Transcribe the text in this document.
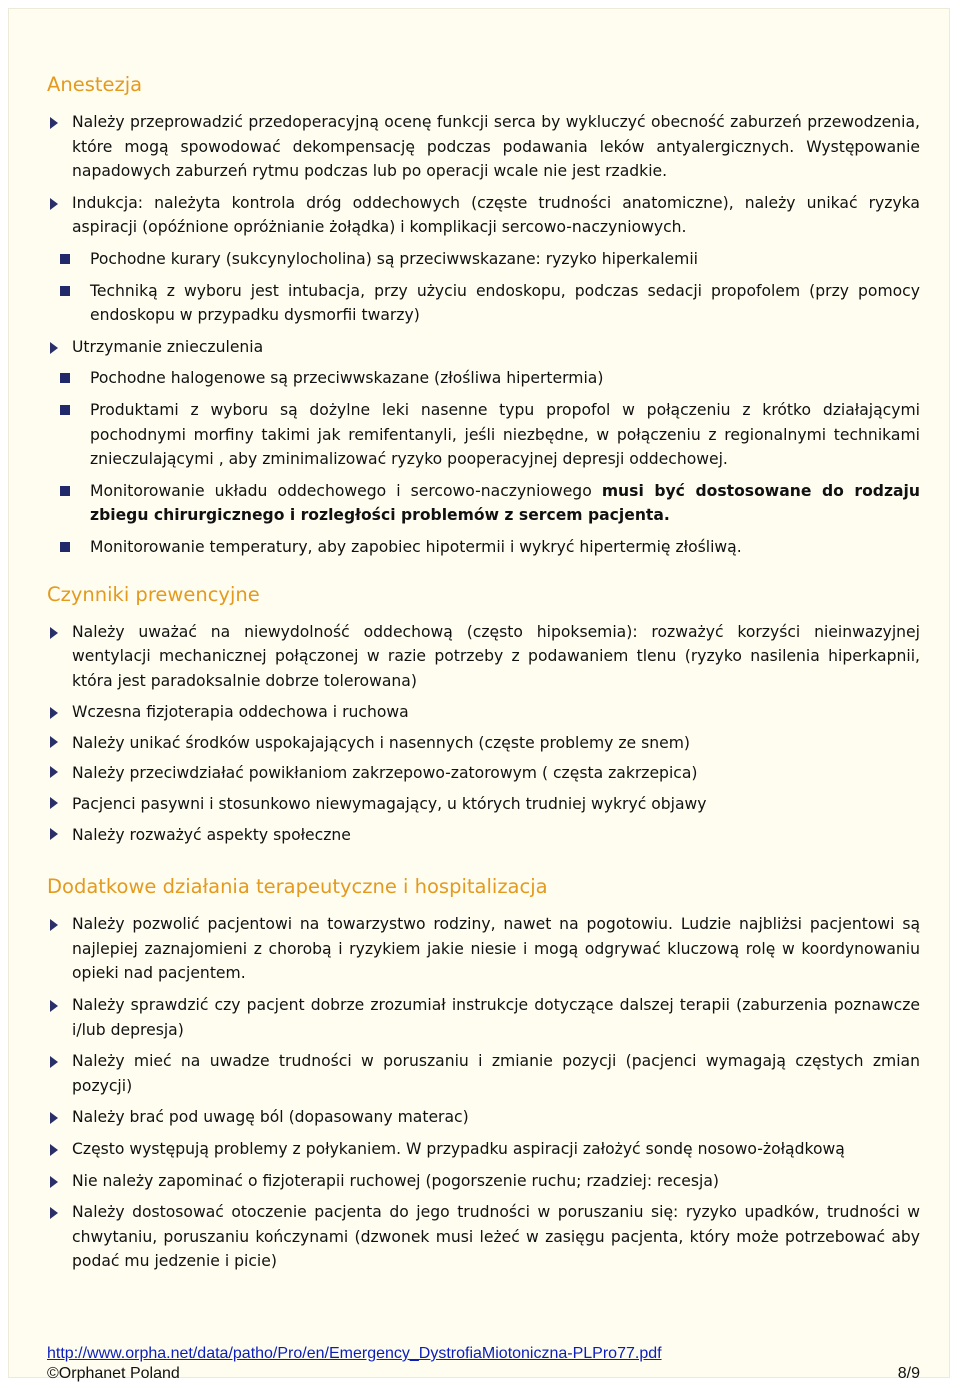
Anestezja
Należy przeprowadzić przedoperacyjną ocenę funkcji serca by wykluczyć obecność zaburzeń przewodzenia, które mogą spowodować dekompensację podczas podawania leków antyalergicznych. Występowanie napadowych zaburzeń rytmu podczas lub po operacji wcale nie jest rzadkie.
Indukcja: należyta kontrola dróg oddechowych (częste trudności anatomiczne), należy unikać ryzyka aspiracji (opóźnione opróżnianie żołądka) i komplikacji sercowo-naczyniowych.
Pochodne kurary (sukcynylocholina) są przeciwwskazane: ryzyko hiperkalemii
Techniką z wyboru jest intubacja, przy użyciu endoskopu, podczas sedacji propofolem (przy pomocy endoskopu w przypadku dysmorfii twarzy)
Utrzymanie znieczulenia
Pochodne halogenowe są przeciwwskazane (złośliwa hipertermia)
Produktami z wyboru są dożylne leki nasenne typu propofol w połączeniu z krótko działającymi pochodnymi morfiny takimi jak remifentanyli, jeśli niezbędne, w połączeniu z regionalnymi technikami znieczulającymi , aby zminimalizować ryzyko pooperacyjnej depresji oddechowej.
Monitorowanie układu oddechowego i sercowo-naczyniowego musi być dostosowane do rodzaju zbiegu chirurgicznego i rozległości problemów z sercem pacjenta.
Monitorowanie temperatury, aby zapobiec hipotermii i wykryć hipertermię złośliwą.
Czynniki prewencyjne
Należy uważać na niewydolność oddechową (często hipoksemia): rozważyć korzyści nieinwazyjnej wentylacji mechanicznej połączonej w razie potrzeby z podawaniem tlenu (ryzyko nasilenia hiperkapnii, która jest paradoksalnie dobrze tolerowana)
Wczesna fizjoterapia oddechowa i ruchowa
Należy unikać środków uspokajających i nasennych (częste problemy ze snem)
Należy przeciwdziałać powikłaniom zakrzepowo-zatorowym ( częsta zakrzepica)
Pacjenci pasywni i stosunkowo niewymagający, u których trudniej wykryć objawy
Należy rozważyć aspekty społeczne
Dodatkowe działania terapeutyczne i hospitalizacja
Należy pozwolić pacjentowi na towarzystwo rodziny, nawet na pogotowiu. Ludzie najbliżsi pacjentowi są najlepiej zaznajomieni z chorobą i ryzykiem jakie niesie i mogą odgrywać kluczową rolę w koordynowaniu opieki nad pacjentem.
Należy sprawdzić czy pacjent dobrze zrozumiał instrukcje dotyczące dalszej terapii (zaburzenia poznawcze i/lub depresja)
Należy mieć na uwadze trudności w poruszaniu i zmianie pozycji (pacjenci wymagają częstych zmian pozycji)
Należy brać pod uwagę ból (dopasowany materac)
Często występują problemy z połykaniem. W przypadku aspiracji założyć sondę nosowo-żołądkową
Nie należy zapominać o fizjoterapii ruchowej (pogorszenie ruchu; rzadziej: recesja)
Należy dostosować otoczenie pacjenta do jego trudności w poruszaniu się: ryzyko upadków, trudności w chwytaniu, poruszaniu kończynami (dzwonek musi leżeć w zasięgu pacjenta, który może potrzebować aby podać mu jedzenie i picie)
http://www.orpha.net/data/patho/Pro/en/Emergency_DystrofiaMiotoniczna-PLPro77.pdf
©Orphanet Poland	8/9
